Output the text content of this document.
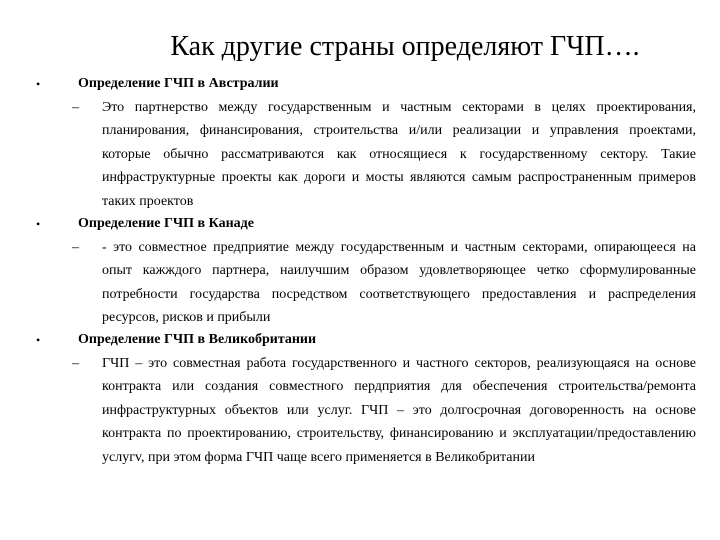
Как другие страны определяют ГЧП….
•	Определение ГЧП в Австралии
– Это партнерство между государственным и частным секторами в целях проектирования, планирования, финансирования, строительства и/или реализации и управления проектами, которые обычно рассматриваются как относящиеся к государственному сектору. Такие инфраструктурные проекты как дороги и мосты являются самым распространенным примеров таких проектов
•	Определение ГЧП в Канаде
– - это совместное предприятие между государственным и частным секторами, опирающееся на опыт кажждого партнера, наилучшим образом удовлетворяющее четко сформулированные потребности государства посредством соответствующего предоставления и распределения ресурсов, рисков и прибыли
•	Определение ГЧП в Великобритании
– ГЧП – это совместная работа государственного и частного секторов, реализующаяся на основе контракта или создания совместного пердприятия для обеспечения строительства/ремонта инфраструктурных объектов или услуг. ГЧП – это долгосрочная договоренность на основе контракта по проектированию, строительству, финансированию и эксплуатации/предоставлению услугv, при этом форма ГЧП чаще всего применяется в Великобритании
